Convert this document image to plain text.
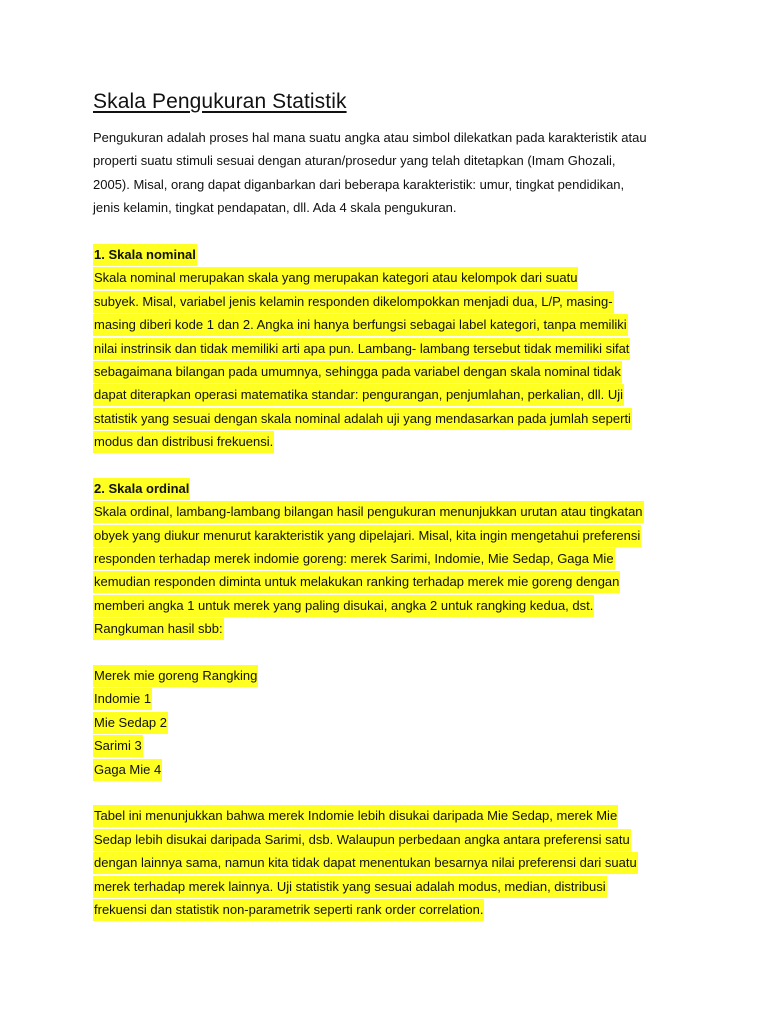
Skala Pengukuran Statistik
Pengukuran adalah proses hal mana suatu angka atau simbol dilekatkan pada karakteristik atau
properti suatu stimuli sesuai dengan aturan/prosedur yang telah ditetapkan (Imam Ghozali,
2005). Misal, orang dapat diganbarkan dari beberapa karakteristik: umur, tingkat pendidikan,
jenis kelamin, tingkat pendapatan, dll. Ada 4 skala pengukuran.
1. Skala nominal
Skala nominal merupakan skala yang merupakan kategori atau kelompok dari suatu
subyek. Misal, variabel jenis kelamin responden dikelompokkan menjadi dua, L/P, masing-
masing diberi kode 1 dan 2. Angka ini hanya berfungsi sebagai label kategori, tanpa memiliki
nilai instrinsik dan tidak memiliki arti apa pun. Lambang- lambang tersebut tidak memiliki sifat
sebagaimana bilangan pada umumnya, sehingga pada variabel dengan skala nominal tidak
dapat diterapkan operasi matematika standar: pengurangan, penjumlahan, perkalian, dll. Uji
statistik yang sesuai dengan skala nominal adalah uji yang mendasarkan pada jumlah seperti
modus dan distribusi frekuensi.
2. Skala ordinal
Skala ordinal, lambang-lambang bilangan hasil pengukuran menunjukkan urutan atau tingkatan
obyek yang diukur menurut karakteristik yang dipelajari. Misal, kita ingin mengetahui preferensi
responden terhadap merek indomie goreng: merek Sarimi, Indomie, Mie Sedap, Gaga Mie
kemudian responden diminta untuk melakukan ranking terhadap merek mie goreng dengan
memberi angka 1 untuk merek yang paling disukai, angka 2 untuk rangking kedua, dst.
Rangkuman hasil sbb:
Merek mie goreng Rangking
Indomie 1
Mie Sedap 2
Sarimi 3
Gaga Mie 4
Tabel ini menunjukkan bahwa merek Indomie lebih disukai daripada Mie Sedap, merek Mie
Sedap lebih disukai daripada Sarimi, dsb. Walaupun perbedaan angka antara preferensi satu
dengan lainnya sama, namun kita tidak dapat menentukan besarnya nilai preferensi dari suatu
merek terhadap merek lainnya. Uji statistik yang sesuai adalah modus, median, distribusi
frekuensi dan statistik non-parametrik seperti rank order correlation.
